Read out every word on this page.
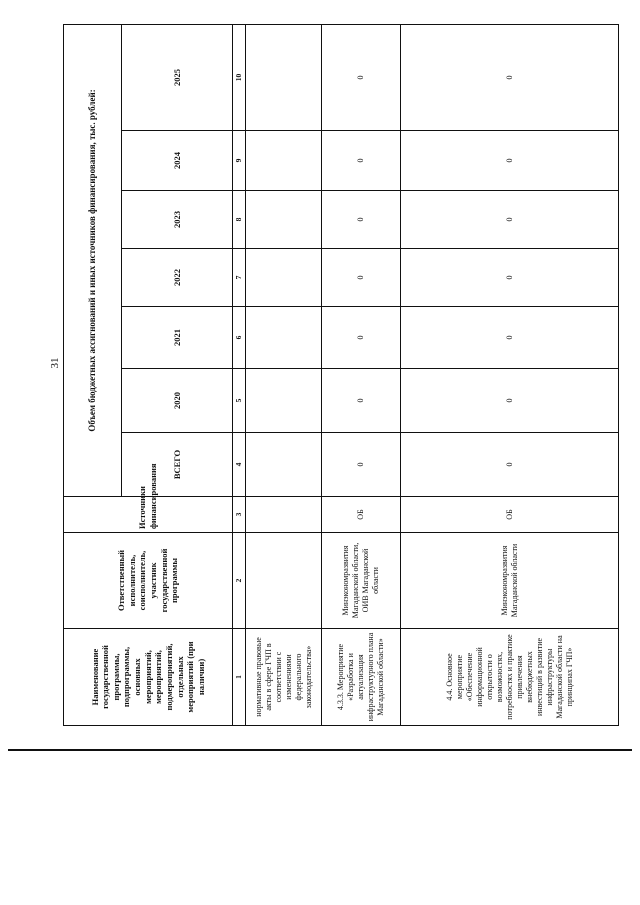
31
Наименование государственной программы, подпрограммы, основных мероприятий, мероприятий, подмероприятий, отдельных мероприятий (при наличии)	Ответственный исполнитель, соисполнитель, участник государственной программы	Источники финансирования	Объем бюджетных ассигнований и иных источников финансирования, тыс. рублей:						
			ВСЕГО	2020	2021	2022	2023	2024	2025
1	2	3	4	5	6	7	8	9	10
нормативные правовые акты в сфере ГЧП в соответствии с изменениями федерального законодательства»									
4.3.3. Мероприятие «Разработка и актуализация инфраструктурного плана Магаданской области»	Минэкономразвития Магаданской области, ОИВ Магаданской области	ОБ	0	0	0	0	0	0	0
4.4. Основное мероприятие «Обеспечение информационной открытости о возможностях, потребностях и практике привлечения внебюджетных инвестиций в развитие инфраструктуры Магаданской области на принципах ГЧП»	Минэкономразвития Магаданской области	ОБ	0	0	0	0	0	0	0
